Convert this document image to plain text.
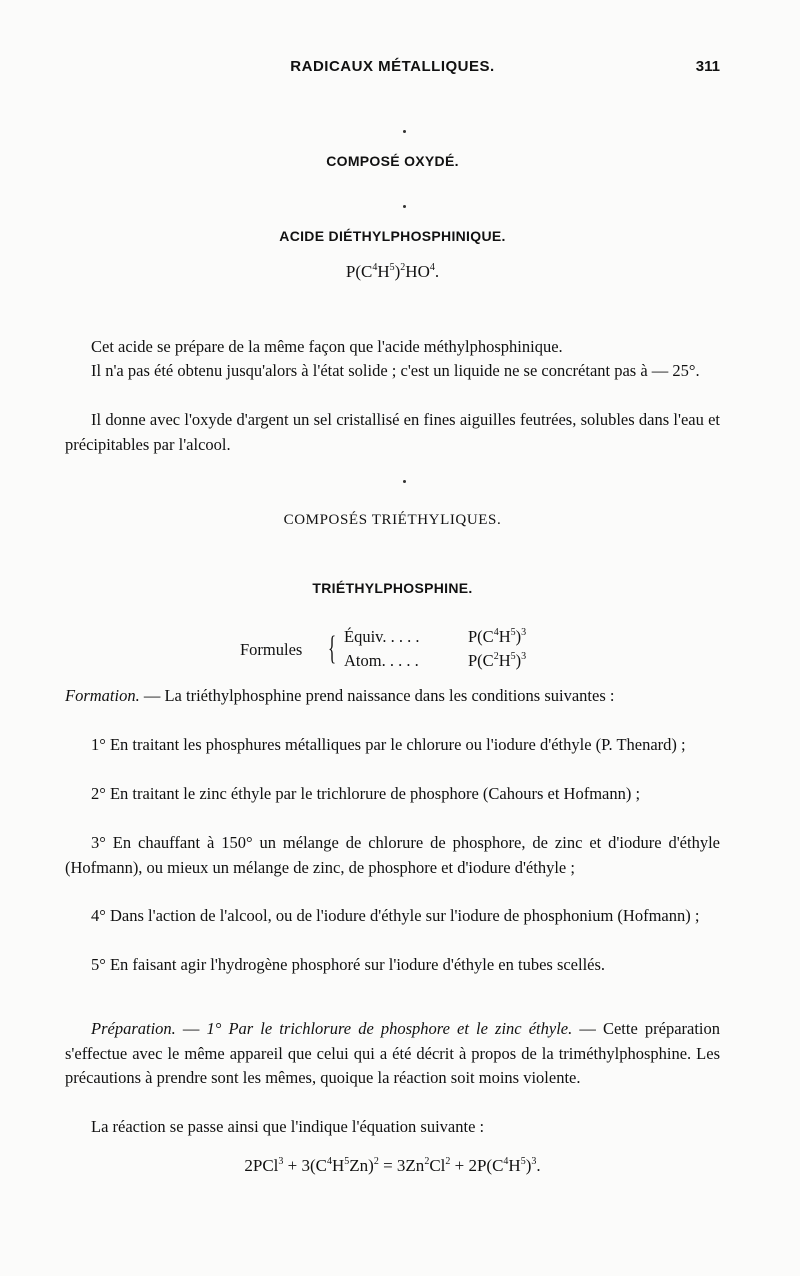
RADICAUX MÉTALLIQUES.	311
COMPOSÉ OXYDÉ.
ACIDE DIÉTHYLPHOSPHINIQUE.
$P(C^4H^5)^2HO^4$.
Cet acide se prépare de la même façon que l'acide méthylphosphinique.
Il n'a pas été obtenu jusqu'alors à l'état solide ; c'est un liquide ne se concrétant pas à — 25°.
Il donne avec l'oxyde d'argent un sel cristallisé en fines aiguilles feutrées, solubles dans l'eau et précipitables par l'alcool.
COMPOSÉS TRIÉTHYLIQUES.
TRIÉTHYLPHOSPHINE.
Formules { Équiv. . . . .	$P(C^4H^5)^3$
Atom. . . . .	$P(C^2H^5)^3$
Formation. — La triéthylphosphine prend naissance dans les conditions suivantes :
1° En traitant les phosphures métalliques par le chlorure ou l'iodure d'éthyle (P. Thenard) ;
2° En traitant le zinc éthyle par le trichlorure de phosphore (Cahours et Hofmann) ;
3° En chauffant à 150° un mélange de chlorure de phosphore, de zinc et d'iodure d'éthyle (Hofmann), ou mieux un mélange de zinc, de phosphore et d'iodure d'éthyle ;
4° Dans l'action de l'alcool, ou de l'iodure d'éthyle sur l'iodure de phosphonium (Hofmann) ;
5° En faisant agir l'hydrogène phosphoré sur l'iodure d'éthyle en tubes scellés.
Préparation. — 1° Par le trichlorure de phosphore et le zinc éthyle. — Cette préparation s'effectue avec le même appareil que celui qui a été décrit à propos de la triméthylphosphine. Les précautions à prendre sont les mêmes, quoique la réaction soit moins violente.
La réaction se passe ainsi que l'indique l'équation suivante :
$2PCl^3 + 3(C^4H^5Zn)^2 = 3Zn^2Cl^2 + 2P(C^4H^5)^3$.
